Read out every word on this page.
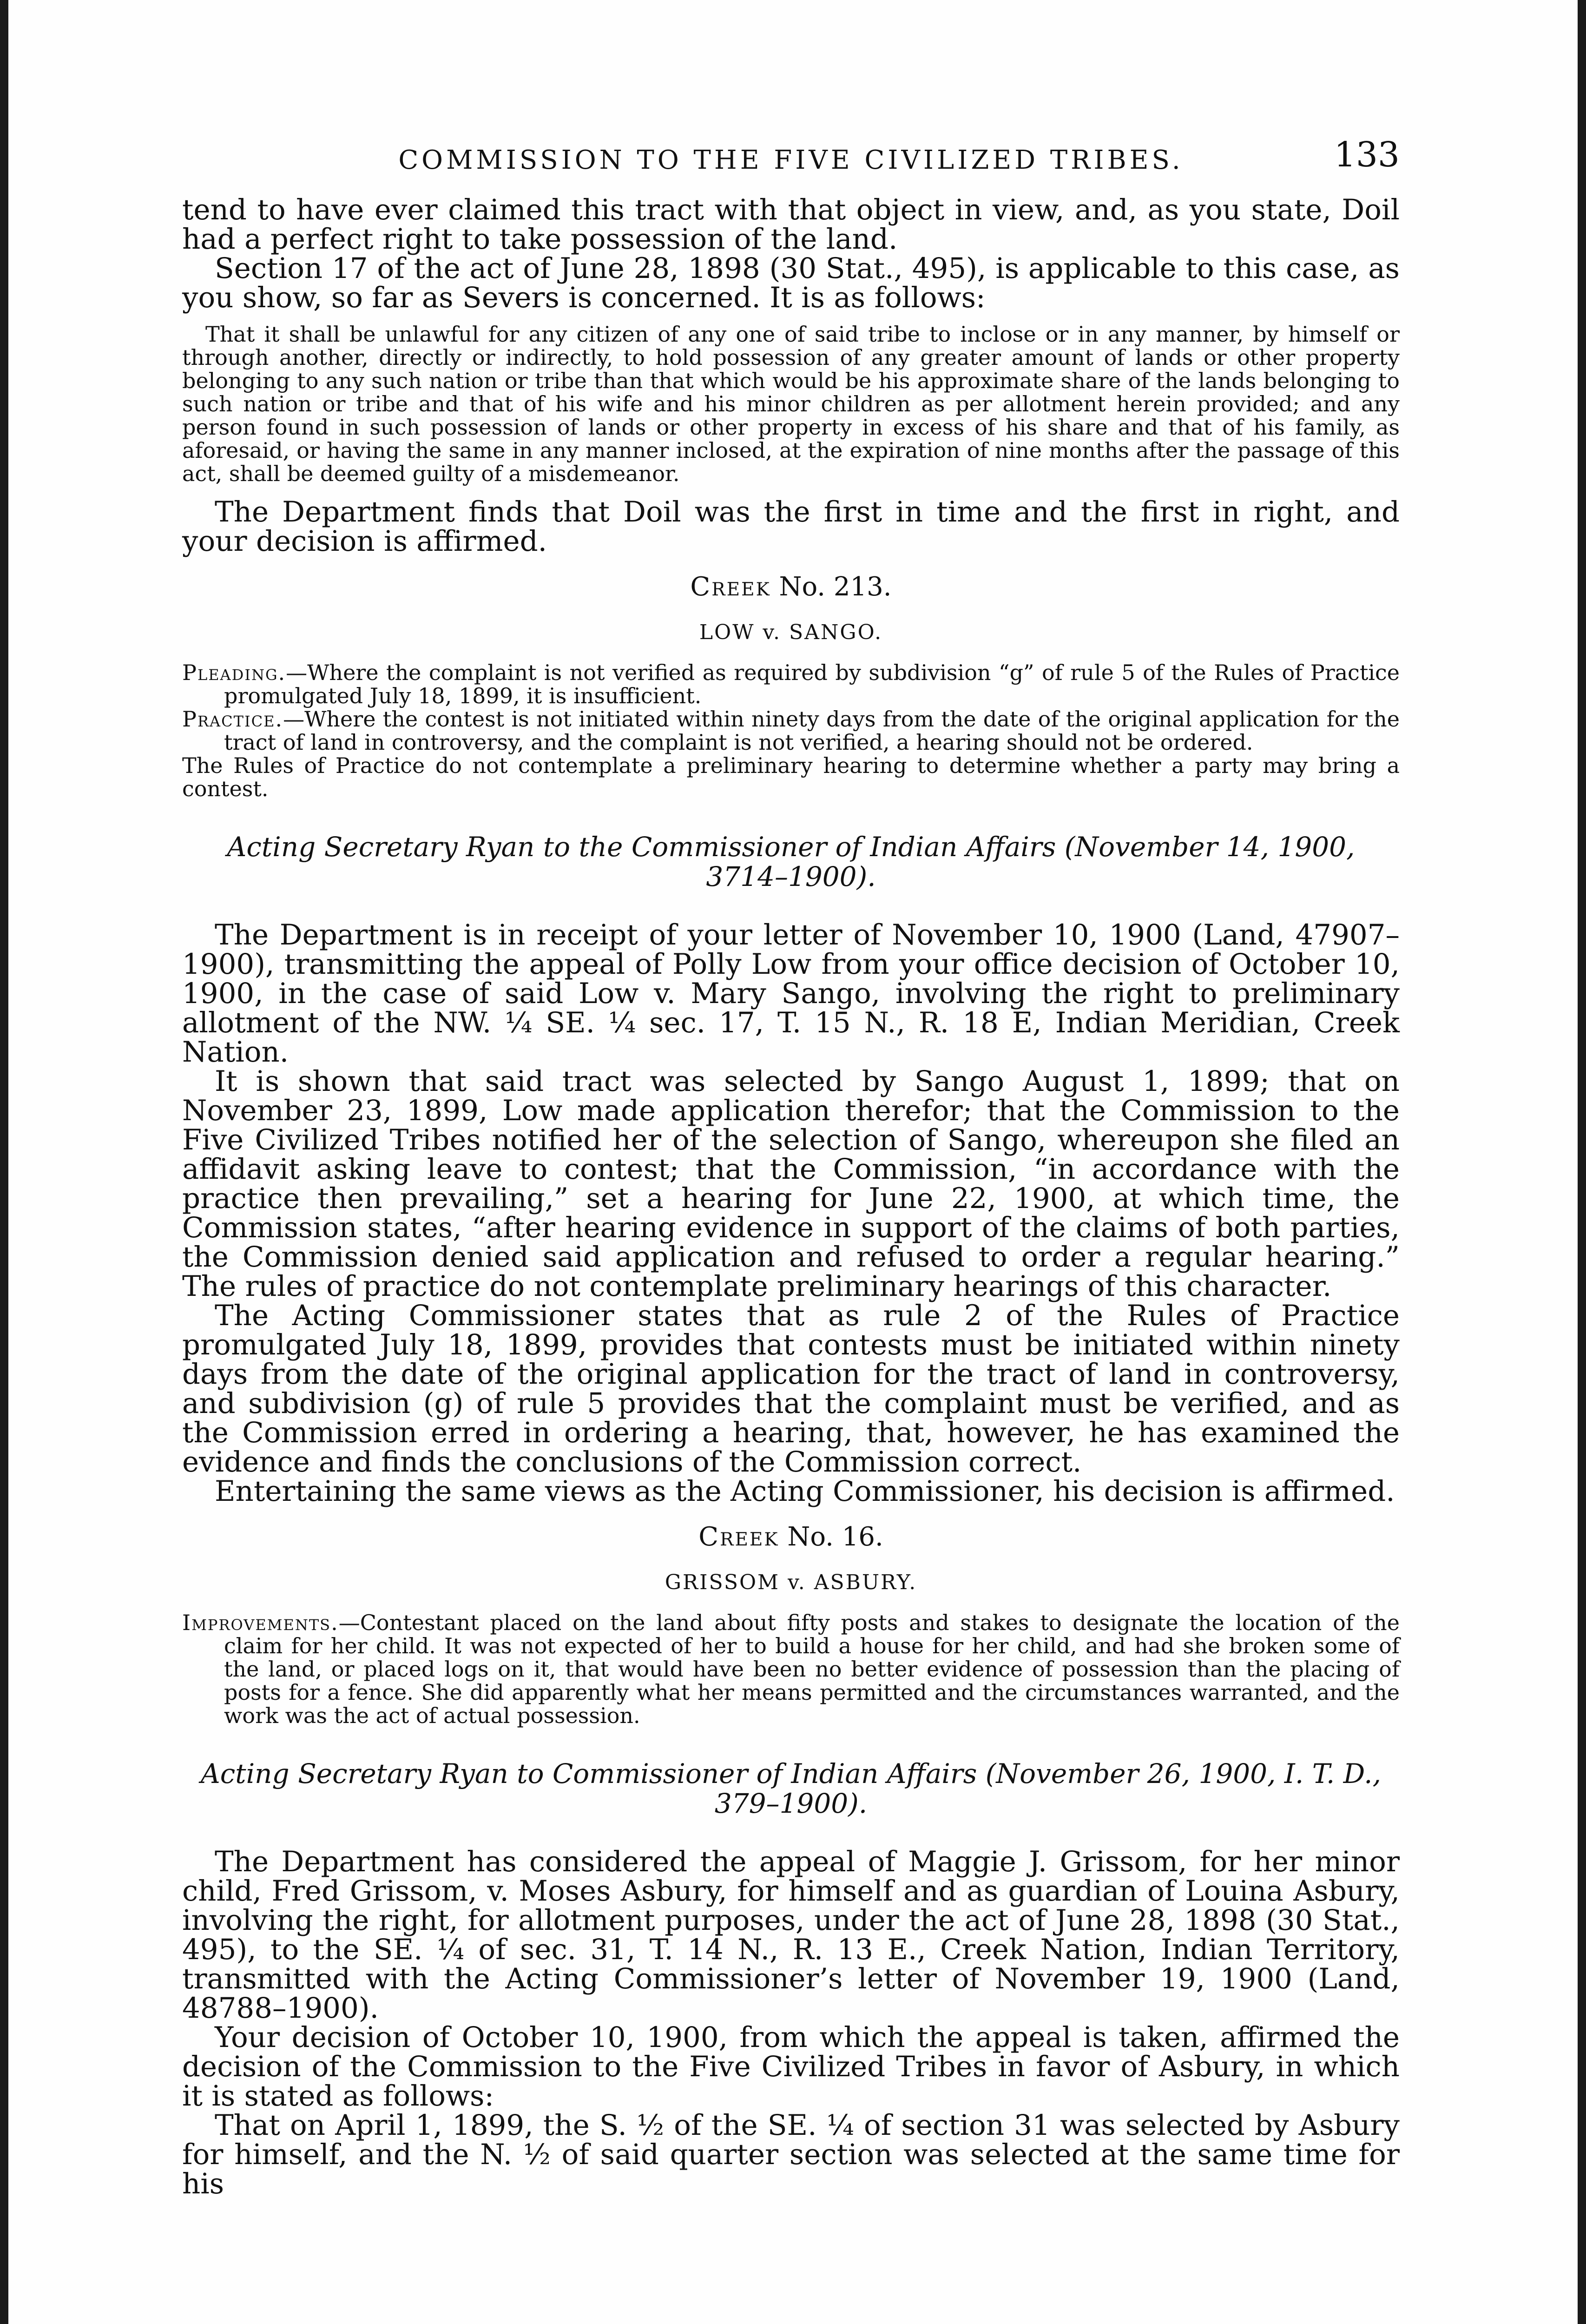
COMMISSION TO THE FIVE CIVILIZED TRIBES.	133

tend to have ever claimed this tract with that object in view, and, as you state, Doil had a perfect right to take possession of the land.

Section 17 of the act of June 28, 1898 (30 Stat., 495), is applicable to this case, as you show, so far as Severs is concerned. It is as follows:

That it shall be unlawful for any citizen of any one of said tribe to inclose or in any manner, by himself or through another, directly or indirectly, to hold possession of any greater amount of lands or other property belonging to any such nation or tribe than that which would be his approximate share of the lands belonging to such nation or tribe and that of his wife and his minor children as per allotment herein provided; and any person found in such possession of lands or other property in excess of his share and that of his family, as aforesaid, or having the same in any manner inclosed, at the expiration of nine months after the passage of this act, shall be deemed guilty of a misdemeanor.

The Department finds that Doil was the first in time and the first in right, and your decision is affirmed.

Creek No. 213.

LOW v. SANGO.

Pleading.—Where the complaint is not verified as required by subdivision “g” of rule 5 of the Rules of Practice promulgated July 18, 1899, it is insufficient.

Practice.—Where the contest is not initiated within ninety days from the date of the original application for the tract of land in controversy, and the complaint is not verified, a hearing should not be ordered.

The Rules of Practice do not contemplate a preliminary hearing to determine whether a party may bring a contest.

Acting Secretary Ryan to the Commissioner of Indian Affairs (November 14, 1900, 3714–1900).

The Department is in receipt of your letter of November 10, 1900 (Land, 47907–1900), transmitting the appeal of Polly Low from your office decision of October 10, 1900, in the case of said Low v. Mary Sango, involving the right to preliminary allotment of the NW. ¼ SE. ¼ sec. 17, T. 15 N., R. 18 E, Indian Meridian, Creek Nation.

It is shown that said tract was selected by Sango August 1, 1899; that on November 23, 1899, Low made application therefor; that the Commission to the Five Civilized Tribes notified her of the selection of Sango, whereupon she filed an affidavit asking leave to contest; that the Commission, “in accordance with the practice then prevailing,” set a hearing for June 22, 1900, at which time, the Commission states, “after hearing evidence in support of the claims of both parties, the Commission denied said application and refused to order a regular hearing.” The rules of practice do not contemplate preliminary hearings of this character.

The Acting Commissioner states that as rule 2 of the Rules of Practice promulgated July 18, 1899, provides that contests must be initiated within ninety days from the date of the original application for the tract of land in controversy, and subdivision (g) of rule 5 provides that the complaint must be verified, and as the Commission erred in ordering a hearing, that, however, he has examined the evidence and finds the conclusions of the Commission correct.

Entertaining the same views as the Acting Commissioner, his decision is affirmed.

Creek No. 16.

GRISSOM v. ASBURY.

Improvements.—Contestant placed on the land about fifty posts and stakes to designate the location of the claim for her child. It was not expected of her to build a house for her child, and had she broken some of the land, or placed logs on it, that would have been no better evidence of possession than the placing of posts for a fence. She did apparently what her means permitted and the circumstances warranted, and the work was the act of actual possession.

Acting Secretary Ryan to Commissioner of Indian Affairs (November 26, 1900, I. T. D., 379–1900).

The Department has considered the appeal of Maggie J. Grissom, for her minor child, Fred Grissom, v. Moses Asbury, for himself and as guardian of Louina Asbury, involving the right, for allotment purposes, under the act of June 28, 1898 (30 Stat., 495), to the SE. ¼ of sec. 31, T. 14 N., R. 13 E., Creek Nation, Indian Territory, transmitted with the Acting Commissioner’s letter of November 19, 1900 (Land, 48788–1900).

Your decision of October 10, 1900, from which the appeal is taken, affirmed the decision of the Commission to the Five Civilized Tribes in favor of Asbury, in which it is stated as follows:

That on April 1, 1899, the S. ½ of the SE. ¼ of section 31 was selected by Asbury for himself, and the N. ½ of said quarter section was selected at the same time for his
